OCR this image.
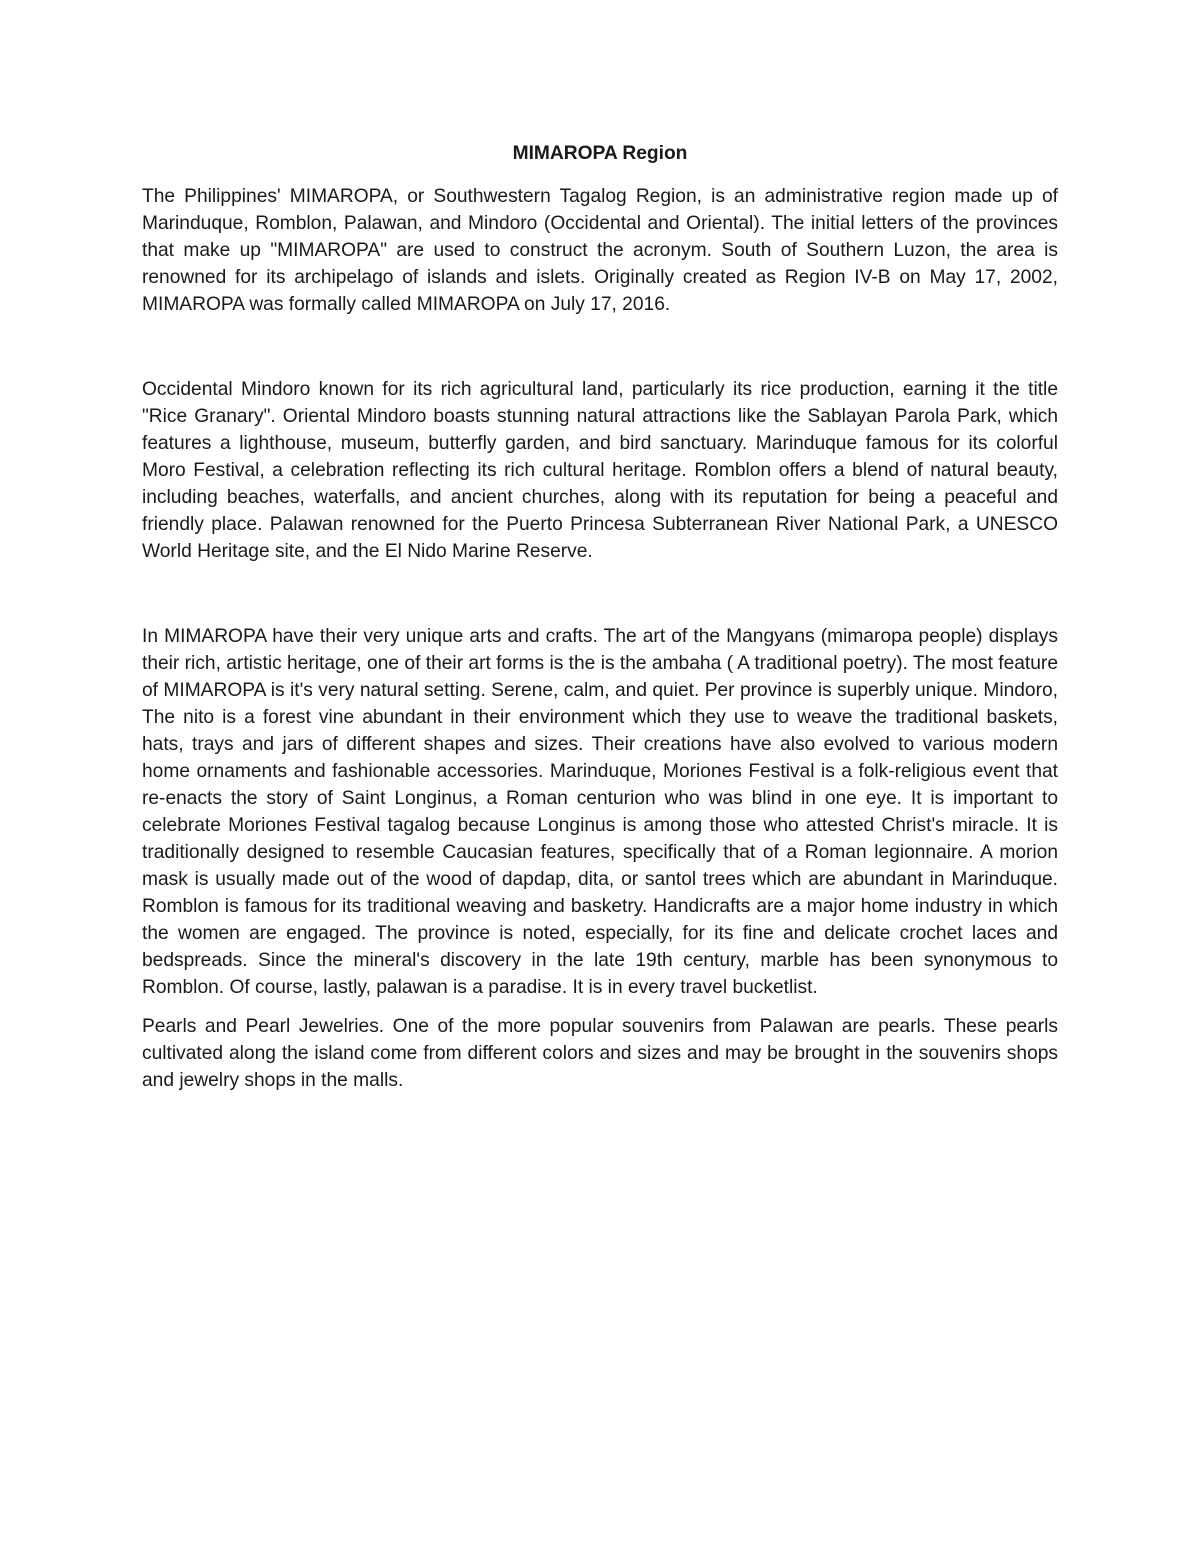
MIMAROPA Region

The Philippines' MIMAROPA, or Southwestern Tagalog Region, is an administrative region made up of Marinduque, Romblon, Palawan, and Mindoro (Occidental and Oriental). The initial letters of the provinces that make up "MIMAROPA" are used to construct the acronym. South of Southern Luzon, the area is renowned for its archipelago of islands and islets. Originally created as Region IV-B on May 17, 2002, MIMAROPA was formally called MIMAROPA on July 17, 2016.

Occidental Mindoro known for its rich agricultural land, particularly its rice production, earning it the title "Rice Granary". Oriental Mindoro boasts stunning natural attractions like the Sablayan Parola Park, which features a lighthouse, museum, butterfly garden, and bird sanctuary. Marinduque famous for its colorful Moro Festival, a celebration reflecting its rich cultural heritage. Romblon offers a blend of natural beauty, including beaches, waterfalls, and ancient churches, along with its reputation for being a peaceful and friendly place. Palawan renowned for the Puerto Princesa Subterranean River National Park, a UNESCO World Heritage site, and the El Nido Marine Reserve.

In MIMAROPA have their very unique arts and crafts. The art of the Mangyans (mimaropa people) displays their rich, artistic heritage, one of their art forms is the is the ambaha ( A traditional poetry). The most feature of MIMAROPA is it's very natural setting. Serene, calm, and quiet. Per province is superbly unique. Mindoro, The nito is a forest vine abundant in their environment which they use to weave the traditional baskets, hats, trays and jars of different shapes and sizes. Their creations have also evolved to various modern home ornaments and fashionable accessories. Marinduque, Moriones Festival is a folk-religious event that re-enacts the story of Saint Longinus, a Roman centurion who was blind in one eye. It is important to celebrate Moriones Festival tagalog because Longinus is among those who attested Christ's miracle. It is traditionally designed to resemble Caucasian features, specifically that of a Roman legionnaire. A morion mask is usually made out of the wood of dapdap, dita, or santol trees which are abundant in Marinduque. Romblon is famous for its traditional weaving and basketry. Handicrafts are a major home industry in which the women are engaged. The province is noted, especially, for its fine and delicate crochet laces and bedspreads. Since the mineral's discovery in the late 19th century, marble has been synonymous to Romblon. Of course, lastly, palawan is a paradise. It is in every travel bucketlist.

Pearls and Pearl Jewelries. One of the more popular souvenirs from Palawan are pearls. These pearls cultivated along the island come from different colors and sizes and may be brought in the souvenirs shops and jewelry shops in the malls.
